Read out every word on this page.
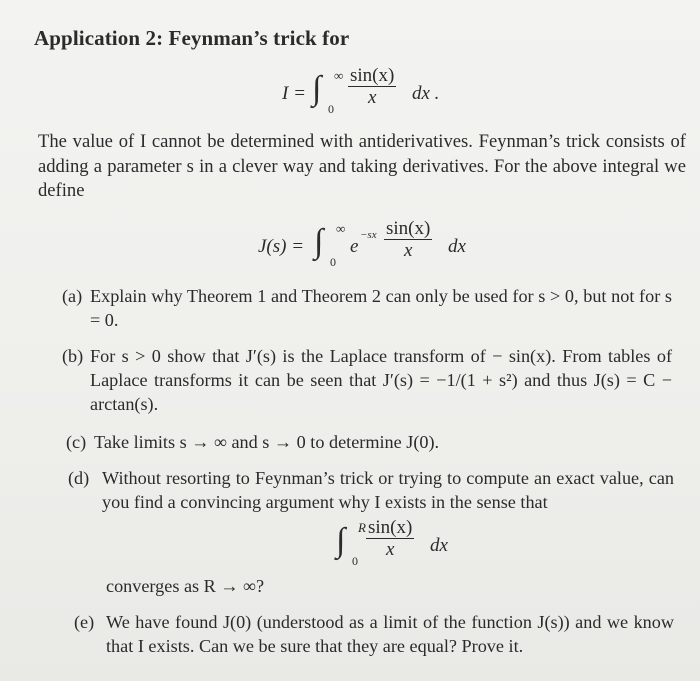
Application 2: Feynman’s trick for
I = ∫ ∞
$0 \frac{\sin(x)}{x}$ dx .
The value of I cannot be determined with antiderivatives. Feynman’s trick consists of adding a parameter s in a clever way and taking derivatives. For the above integral we define
J(s) = ∫ ∞
0
e
$-sx \frac{\sin(x)}{x}$ dx
(a) Explain why Theorem 1 and Theorem 2 can only be used for s > 0, but not for s = 0.
(b) For s > 0 show that J′(s) is the Laplace transform of − sin(x). From tables of Laplace transforms it can be seen that J′(s) = −1/(1 + s²) and thus J(s) = C − arctan(s).
(c) Take limits s → ∞ and s → 0 to determine J(0).
(d) Without resorting to Feynman’s trick or trying to compute an exact value, can you find a convincing argument why I exists in the sense that
∫ R
$0 \frac{\sin(x)}{x}$ dx
converges as R → ∞?
(e) We have found J(0) (understood as a limit of the function J(s)) and we know that I exists. Can we be sure that they are equal? Prove it.
